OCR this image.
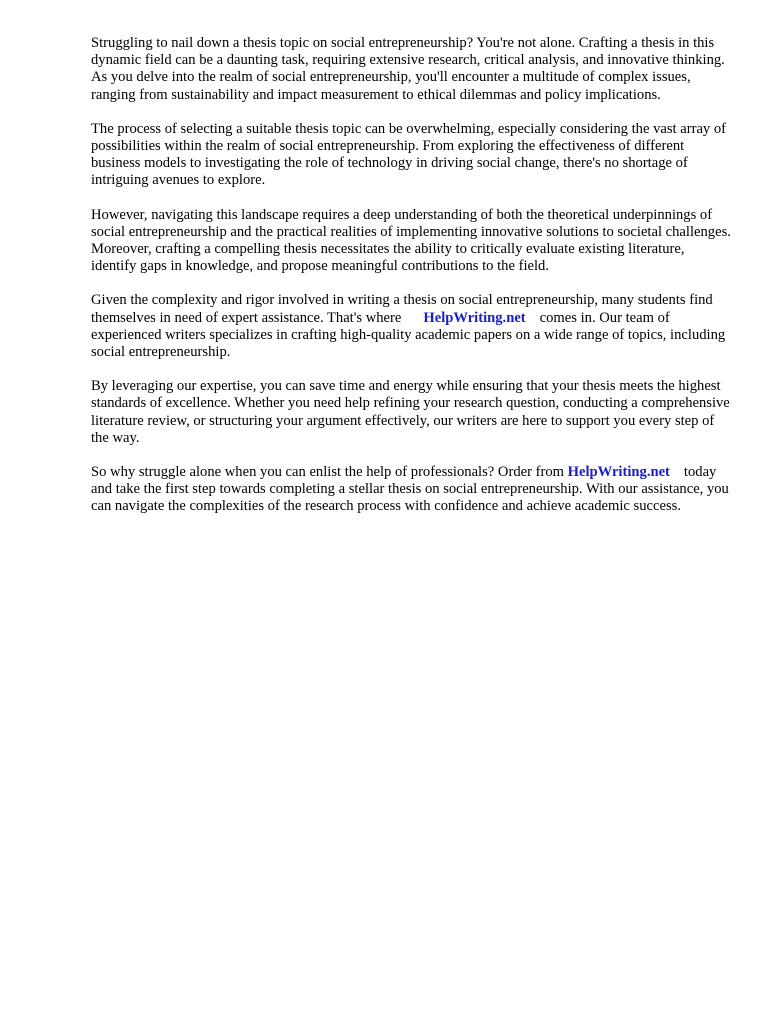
Struggling to nail down a thesis topic on social entrepreneurship? You're not alone. Crafting a thesis in this dynamic field can be a daunting task, requiring extensive research, critical analysis, and innovative thinking. As you delve into the realm of social entrepreneurship, you'll encounter a multitude of complex issues, ranging from sustainability and impact measurement to ethical dilemmas and policy implications.

The process of selecting a suitable thesis topic can be overwhelming, especially considering the vast array of possibilities within the realm of social entrepreneurship. From exploring the effectiveness of different business models to investigating the role of technology in driving social change, there's no shortage of intriguing avenues to explore.

However, navigating this landscape requires a deep understanding of both the theoretical underpinnings of social entrepreneurship and the practical realities of implementing innovative solutions to societal challenges. Moreover, crafting a compelling thesis necessitates the ability to critically evaluate existing literature, identify gaps in knowledge, and propose meaningful contributions to the field.

Given the complexity and rigor involved in writing a thesis on social entrepreneurship, many students find themselves in need of expert assistance. That's where HelpWriting.net comes in. Our team of experienced writers specializes in crafting high-quality academic papers on a wide range of topics, including social entrepreneurship.

By leveraging our expertise, you can save time and energy while ensuring that your thesis meets the highest standards of excellence. Whether you need help refining your research question, conducting a comprehensive literature review, or structuring your argument effectively, our writers are here to support you every step of the way.

So why struggle alone when you can enlist the help of professionals? Order from HelpWriting.net today and take the first step towards completing a stellar thesis on social entrepreneurship. With our assistance, you can navigate the complexities of the research process with confidence and achieve academic success.
